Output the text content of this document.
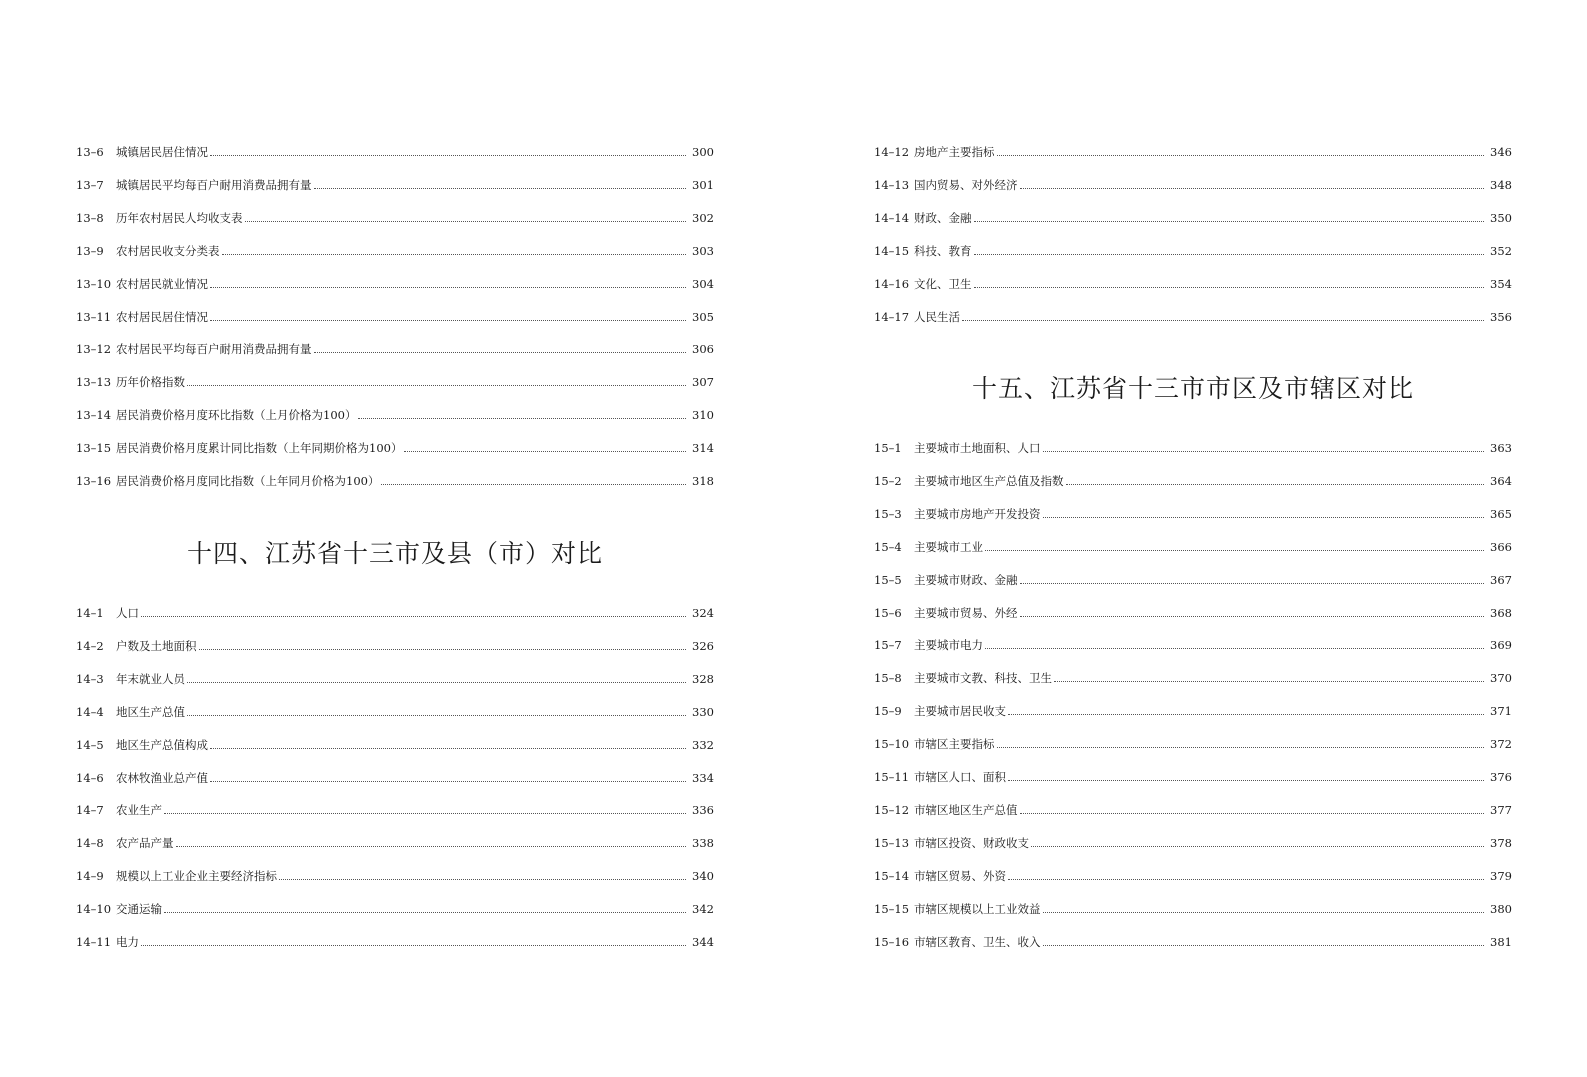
13–6	城镇居民居住情况	300
13–7	城镇居民平均每百户耐用消费品拥有量	301
13–8	历年农村居民人均收支表	302
13–9	农村居民收支分类表	303
13–10 农村居民就业情况	304
13–11 农村居民居住情况	305
13–12 农村居民平均每百户耐用消费品拥有量	306
13–13 历年价格指数	307
13–14 居民消费价格月度环比指数（上月价格为100）	310
13–15 居民消费价格月度累计同比指数（上年同期价格为100）	314
13–16 居民消费价格月度同比指数（上年同月价格为100）	318
十四、江苏省十三市及县（市）对比
14–1	人口	324
14–2	户数及土地面积	326
14–3	年末就业人员	328
14–4	地区生产总值	330
14–5	地区生产总值构成	332
14–6	农林牧渔业总产值	334
14–7	农业生产	336
14–8	农产品产量	338
14–9	规模以上工业企业主要经济指标	340
14–10 交通运输	342
14–11 电力	344
14–12 房地产主要指标	346
14–13 国内贸易、对外经济	348
14–14 财政、金融	350
14–15 科技、教育	352
14–16 文化、卫生	354
14–17 人民生活	356
十五、江苏省十三市市区及市辖区对比
15–1	主要城市土地面积、人口	363
15–2	主要城市地区生产总值及指数	364
15–3	主要城市房地产开发投资	365
15–4	主要城市工业	366
15–5	主要城市财政、金融	367
15–6	主要城市贸易、外经	368
15–7	主要城市电力	369
15–8	主要城市文教、科技、卫生	370
15–9	主要城市居民收支	371
15–10 市辖区主要指标	372
15–11 市辖区人口、面积	376
15–12 市辖区地区生产总值	377
15–13 市辖区投资、财政收支	378
15–14 市辖区贸易、外资	379
15–15 市辖区规模以上工业效益	380
15–16 市辖区教育、卫生、收入	381
